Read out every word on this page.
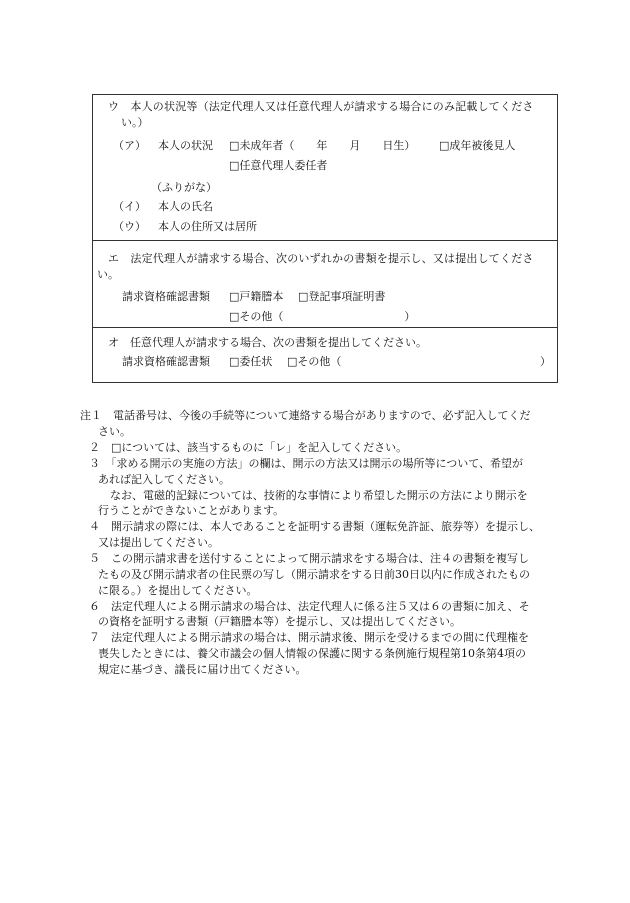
ウ　本人の状況等（法定代理人又は任意代理人が請求する場合にのみ記載してくださ
い。）
（ア） 本人の状況 □未成年者（　　年　　月　　日生） □成年被後見人
□任意代理人委任者
（ふりがな）
（イ） 本人の氏名
（ウ） 本人の住所又は居所
エ　法定代理人が請求する場合、次のいずれかの書類を提示し、又は提出してくださ
い。
請求資格確認書類 □戸籍謄本 □登記事項証明書
□その他（　　　　　　　　　　　）
オ　任意代理人が請求する場合、次の書類を提出してください。
請求資格確認書類 □委任状 □その他（	）
注１　電話番号は、今後の手続等について連絡する場合がありますので、必ず記入してくだ
さい。
２　□については、該当するものに「レ」を記入してください。
３　「求める開示の実施の方法」の欄は、開示の方法又は開示の場所等について、希望が
あれば記入してください。
なお、電磁的記録については、技術的な事情により希望した開示の方法により開示を
行うことができないことがあります。
４　開示請求の際には、本人であることを証明する書類（運転免許証、旅券等）を提示し、
又は提出してください。
５　この開示請求書を送付することによって開示請求をする場合は、注４の書類を複写し
たもの及び開示請求者の住民票の写し（開示請求をする日前30日以内に作成されたもの
に限る。）を提出してください。
６　法定代理人による開示請求の場合は、法定代理人に係る注５又は６の書類に加え、そ
の資格を証明する書類（戸籍謄本等）を提示し、又は提出してください。
７　法定代理人による開示請求の場合は、開示請求後、開示を受けるまでの間に代理権を
喪失したときには、養父市議会の個人情報の保護に関する条例施行規程第10条第4項の
規定に基づき、議長に届け出てください。
